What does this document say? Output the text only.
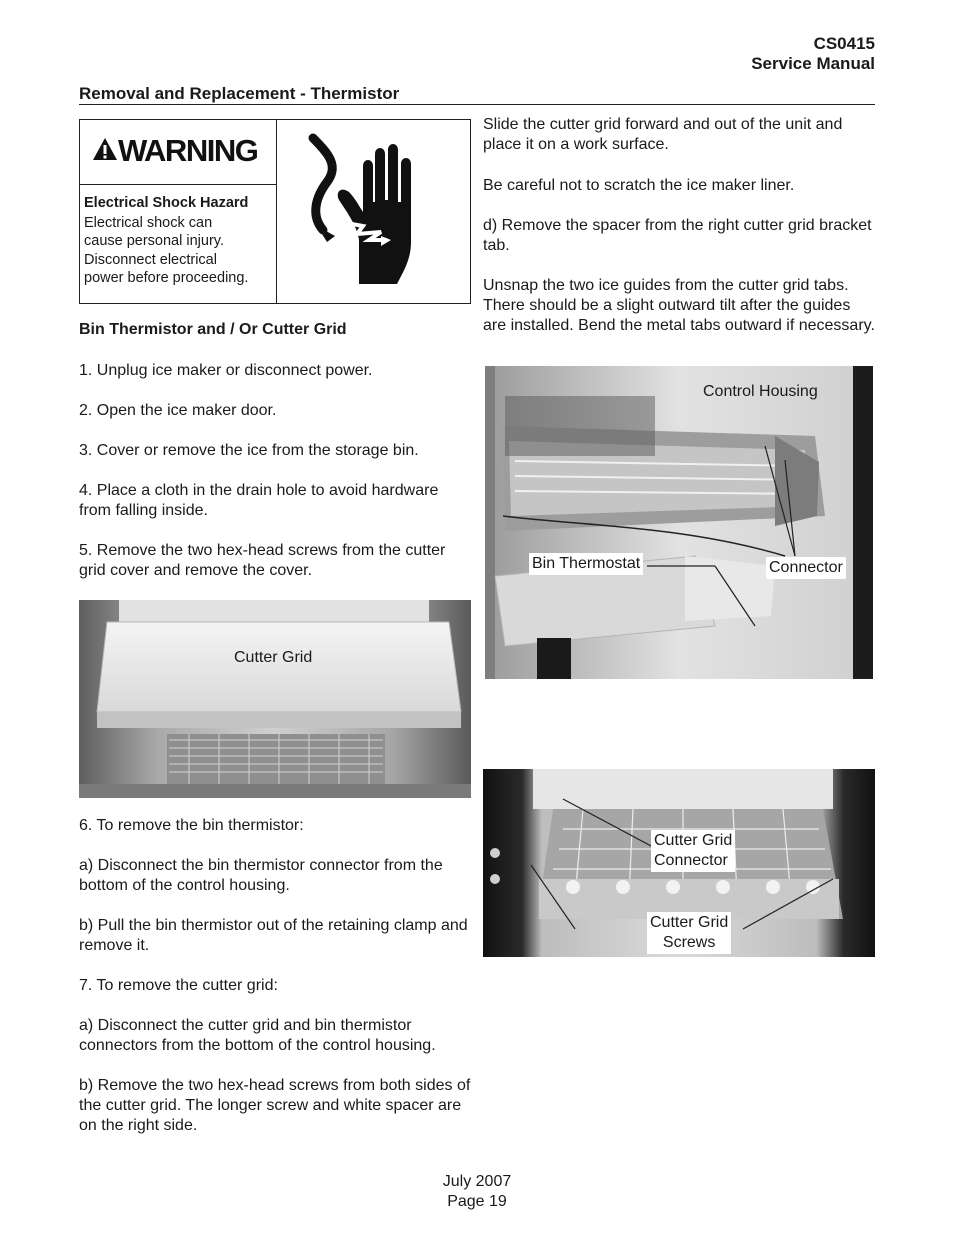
CS0415
Service Manual
Removal and Replacement - Thermistor
WARNING
Electrical Shock Hazard
Electrical shock can
cause personal injury.
Disconnect electrical
power before proceeding.
Bin Thermistor and / Or Cutter Grid
1. Unplug ice maker or disconnect power.
2. Open the ice maker door.
3. Cover or remove the ice from the storage bin.
4. Place a cloth in the drain hole to avoid hardware from falling inside.
5. Remove the two hex-head screws from the cutter grid cover and remove the cover.
Cutter Grid
6. To remove the bin thermistor:
a) Disconnect the bin thermistor connector from the bottom of the control housing.
b) Pull the bin thermistor out of the retaining clamp and remove it.
7. To remove the cutter grid:
a) Disconnect the cutter grid and bin thermistor connectors from the bottom of the control housing.
b) Remove the two hex-head screws from both sides of the cutter grid. The longer screw and white spacer are on the right side.
Slide the cutter grid forward and out of the unit and place it on a work surface.
Be careful not to scratch the ice maker liner.
d) Remove the spacer from the right cutter grid bracket tab.
Unsnap the two ice guides from the cutter grid tabs. There should be a slight outward tilt after the guides are installed. Bend the metal tabs outward if necessary.
Control Housing
Bin Thermostat	Connector
Cutter Grid
Connector
Cutter Grid
Screws
July 2007
Page 19
